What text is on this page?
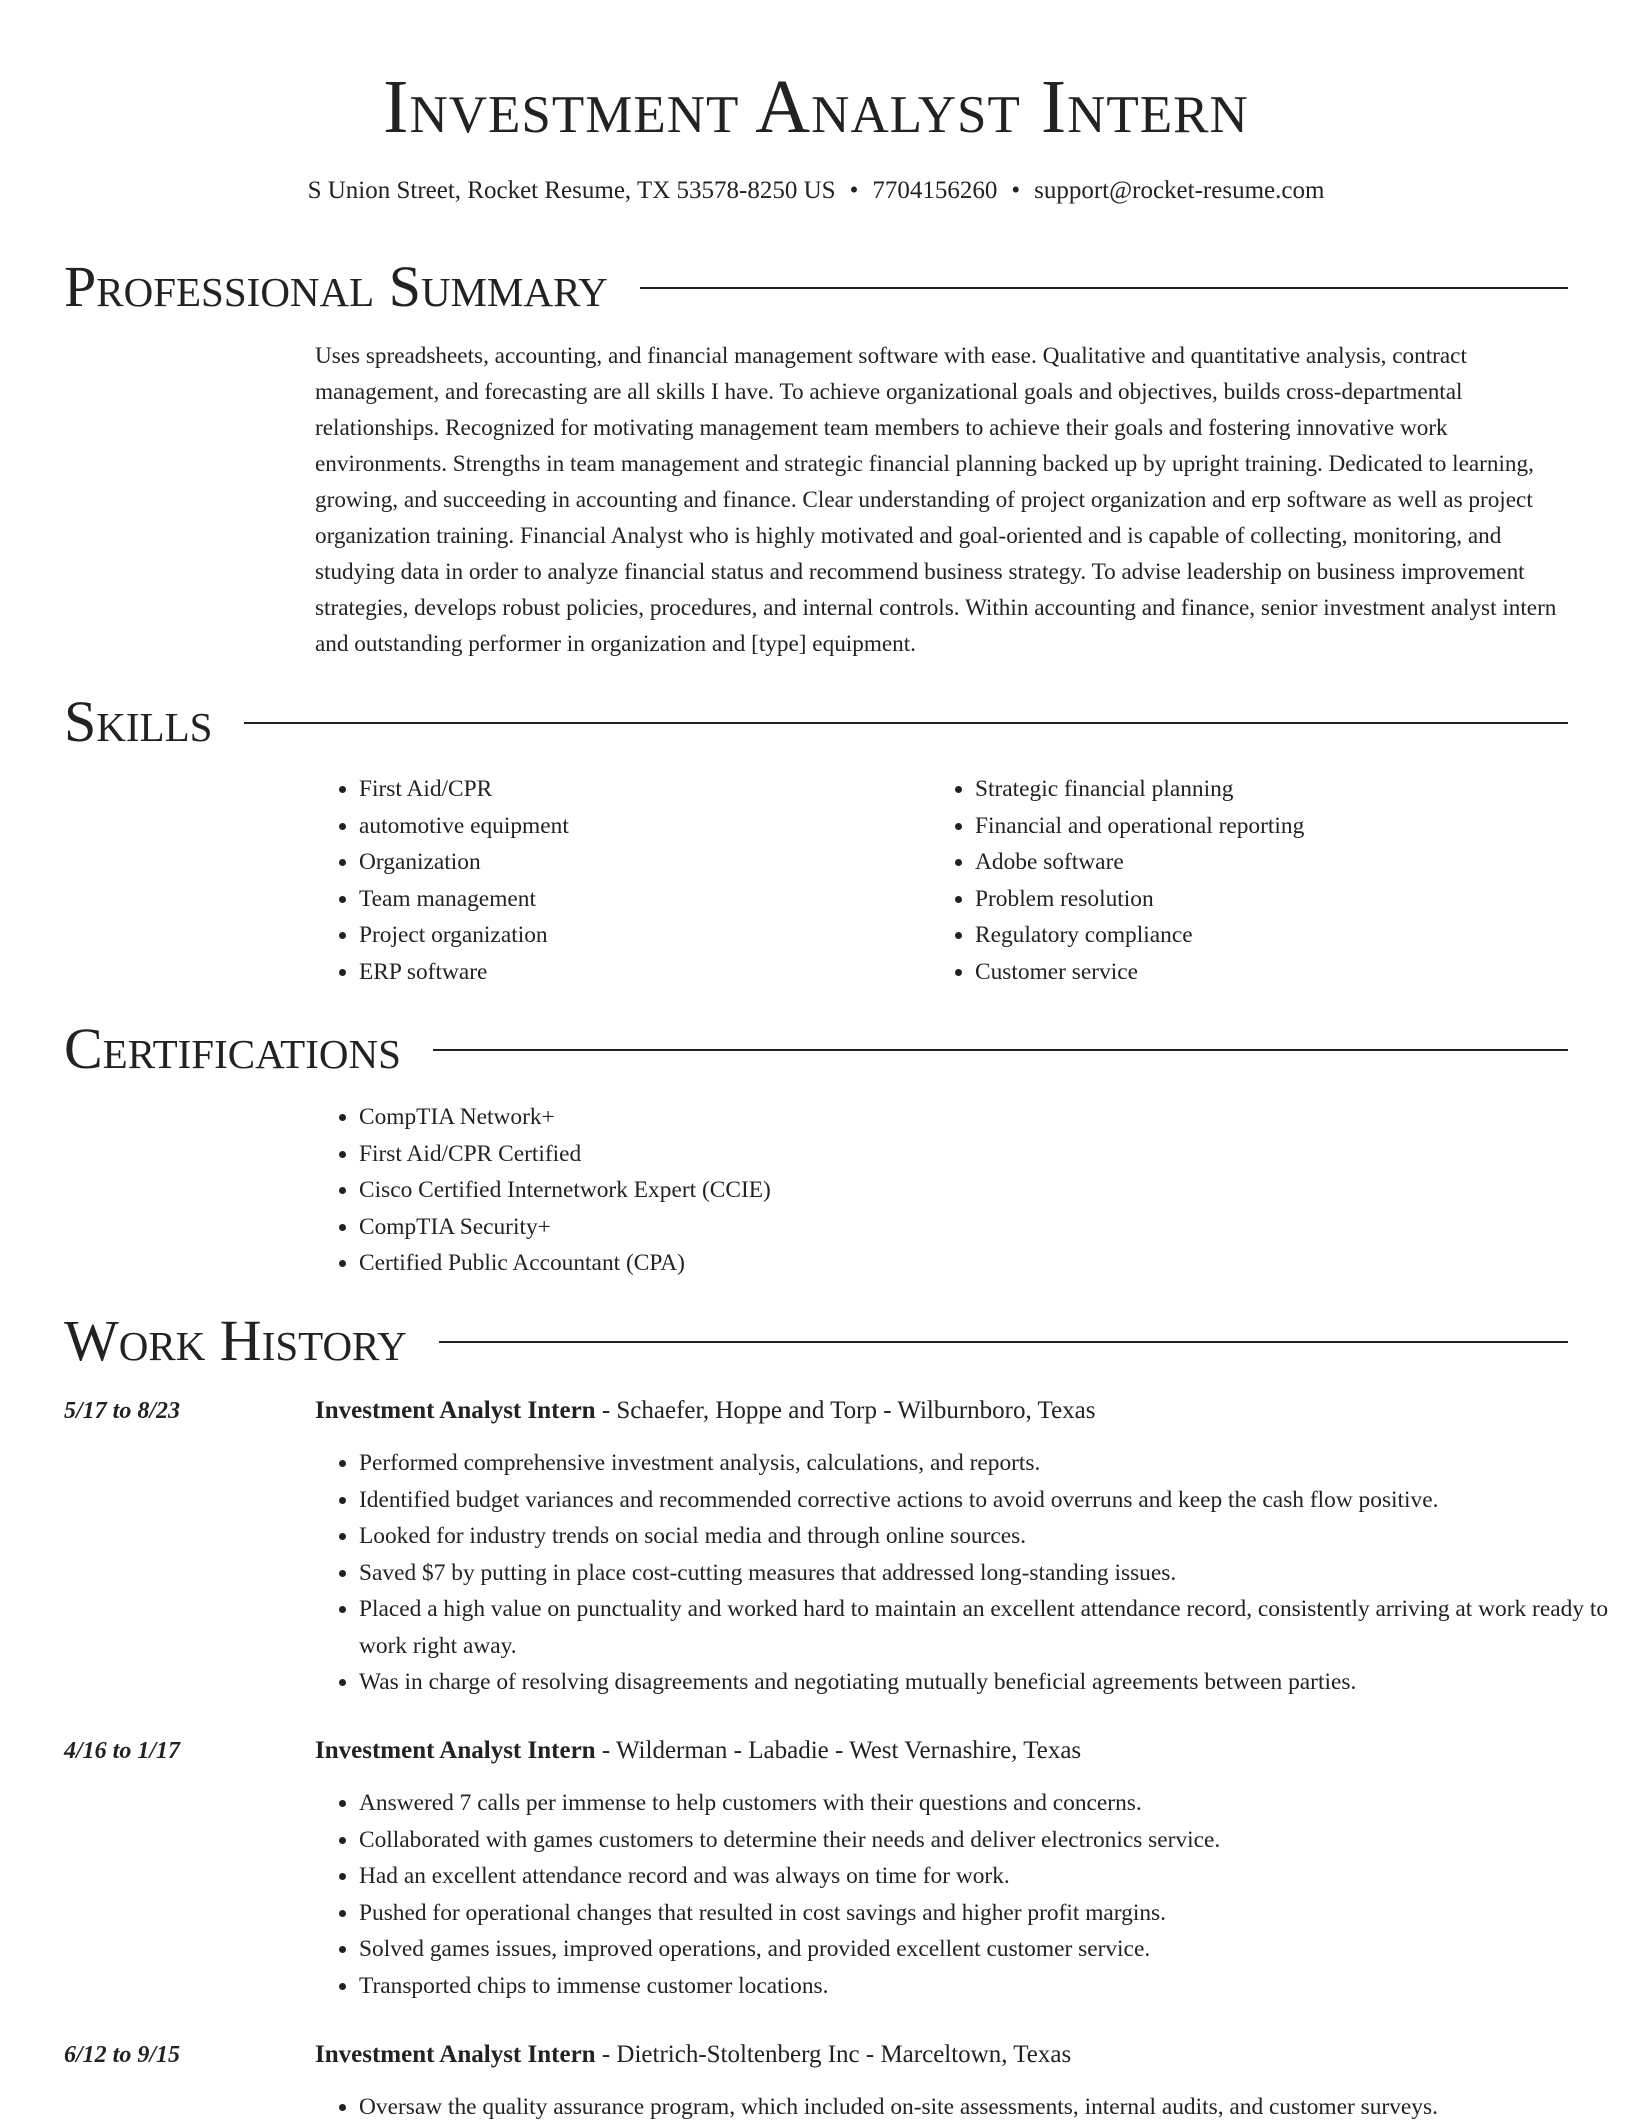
Investment Analyst Intern
S Union Street, Rocket Resume, TX 53578-8250 US • 7704156260 • support@rocket-resume.com
Professional Summary

Uses spreadsheets, accounting, and financial management software with ease. Qualitative and quantitative analysis, contract management, and forecasting are all skills I have. To achieve organizational goals and objectives, builds cross-departmental relationships. Recognized for motivating management team members to achieve their goals and fostering innovative work environments. Strengths in team management and strategic financial planning backed up by upright training. Dedicated to learning, growing, and succeeding in accounting and finance. Clear understanding of project organization and erp software as well as project organization training. Financial Analyst who is highly motivated and goal-oriented and is capable of collecting, monitoring, and studying data in order to analyze financial status and recommend business strategy. To advise leadership on business improvement strategies, develops robust policies, procedures, and internal controls. Within accounting and finance, senior investment analyst intern and outstanding performer in organization and [type] equipment.

Skills
• First Aid/CPR
• automotive equipment
• Organization
• Team management
• Project organization
• ERP software
• Strategic financial planning
• Financial and operational reporting
• Adobe software
• Problem resolution
• Regulatory compliance
• Customer service
Certifications
• CompTIA Network+
• First Aid/CPR Certified
• Cisco Certified Internetwork Expert (CCIE)
• CompTIA Security+
• Certified Public Accountant (CPA)
Work History
5/17 to 8/23	Investment Analyst Intern - Schaefer, Hoppe and Torp - Wilburnboro, Texas
• Performed comprehensive investment analysis, calculations, and reports.
• Identified budget variances and recommended corrective actions to avoid overruns and keep the cash flow positive.
• Looked for industry trends on social media and through online sources.
• Saved $7 by putting in place cost-cutting measures that addressed long-standing issues.
• Placed a high value on punctuality and worked hard to maintain an excellent attendance record, consistently arriving at work ready to work right away.
• Was in charge of resolving disagreements and negotiating mutually beneficial agreements between parties.
4/16 to 1/17	Investment Analyst Intern - Wilderman - Labadie - West Vernashire, Texas
• Answered 7 calls per immense to help customers with their questions and concerns.
• Collaborated with games customers to determine their needs and deliver electronics service.
• Had an excellent attendance record and was always on time for work.
• Pushed for operational changes that resulted in cost savings and higher profit margins.
• Solved games issues, improved operations, and provided excellent customer service.
• Transported chips to immense customer locations.
6/12 to 9/15	Investment Analyst Intern - Dietrich-Stoltenberg Inc - Marceltown, Texas
• Oversaw the quality assurance program, which included on-site assessments, internal audits, and customer surveys.
